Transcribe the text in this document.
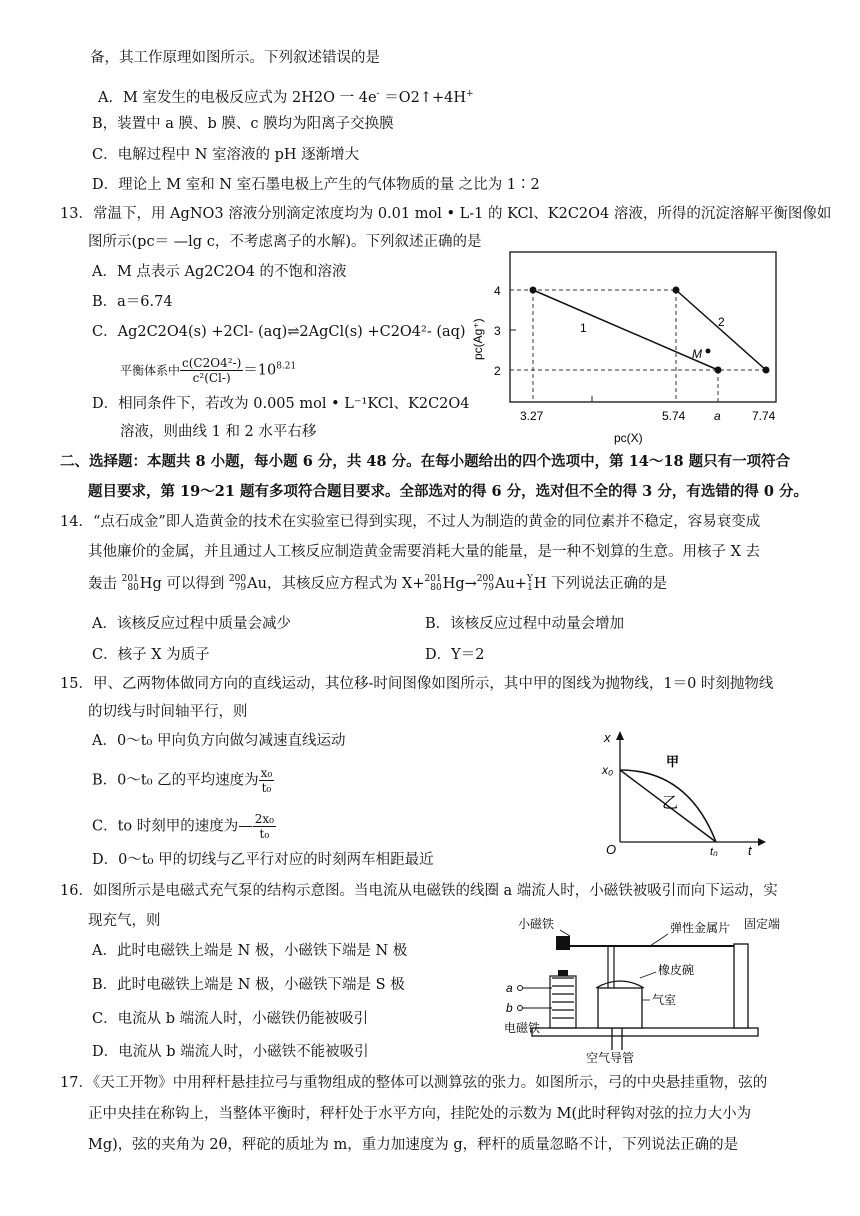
备，其工作原理如图所示。下列叙述错误的是
A．M 室发生的电极反应式为 2H2O 一 4e- ＝O2↑+4H+
B，装置中 a 膜、b 膜、c 膜均为阳离子交换膜
C．电解过程中 N 室溶液的 pH 逐渐增大
D．理论上 M 室和 N 室石墨电极上产生的气体物质的量 之比为 1∶2
13．常温下，用 AgNO3 溶液分别滴定浓度均为 0.01 mol • L-1 的 KCl、K2C2O4 溶液，所得的沉淀溶解平衡图像如
图所示(pc＝ —lg c，不考虑离子的水解)。下列叙述正确的是
A．M 点表示 Ag2C2O4 的不饱和溶液
B．a＝6.74
C．Ag2C2O4(s) +2Cl- (aq)⇌2AgCl(s) +C2O4²- (aq)
平衡体系中 $\frac{\text{c(C2O4²-)}}{\text{c²(Cl-)}} =10^{8.21}$
D．相同条件下，若改为 0.005 mol • L⁻¹KCl、K2C2O4
溶液，则曲线 1 和 2 水平右移
M
1	2
4
3
2
3.27	5.74 a	7.74
pc(X)
pc(Ag⁺)
二、选择题：本题共 8 小题，每小题 6 分，共 48 分。在每小题给出的四个选项中，第 14～18 题只有一项符合
题目要求，第 19～21 题有多项符合题目要求。全部选对的得 6 分，选对但不全的得 3 分，有选错的得 0 分。
14．“点石成金”即人造黄金的技术在实验室已得到实现，不过人为制造的黄金的同位素并不稳定，容易衰变成
其他廉价的金属，并且通过人工核反应制造黄金需要消耗大量的能量，是一种不划算的生意。用核子 X 去
轰击 201
80 Hg 可以得到 200
79 Au，其核反应方程式为 X+ 201
80 Hg→ 200
79 Au+ Y
1 H 下列说法正确的是
A．该核反应过程中质量会减少	B．该核反应过程中动量会增加
C．核子 X 为质子	D．Y＝2
15．甲、乙两物体做同方向的直线运动，其位移-时间图像如图所示，其中甲的图线为抛物线，1＝0 时刻抛物线
的切线与时间轴平行，则
A．0～t₀ 甲向负方向做匀减速直线运动
B．0～t₀ 乙的平均速度为 $\frac{\text{x₀}}{\text{t₀}}$
C．to 时刻甲的速度为— $\frac{\text{2x₀}}{\text{t₀}}$
D．0～t₀ 甲的切线与乙平行对应的时刻两车相距最近
x
x₀
O	t₀ t
甲
乙
16．如图所示是电磁式充气泵的结构示意图。当电流从电磁铁的线圈 a 端流人时，小磁铁被吸引而向下运动，实
现充气，则
A．此时电磁铁上端是 N 极，小磁铁下端是 N 极
B．此时电磁铁上端是 N 极，小磁铁下端是 S 极
C．电流从 b 端流人时，小磁铁仍能被吸引
D．电流从 b 端流人时，小磁铁不能被吸引
a
b
小磁铁	弹性金属片 固定端
橡皮碗
气室
电磁铁
空气导管
17．《天工开物》中用秤杆悬挂拉弓与重物组成的整体可以测算弦的张力。如图所示，弓的中央悬挂重物，弦的
正中央挂在称钩上，当整体平衡时，秤杆处于水平方向，挂陀处的示数为 M(此时秤钩对弦的拉力大小为
Mg)，弦的夹角为 2θ，秤砣的质址为 m，重力加速度为 g，秤杆的质量忽略不计，下列说法正确的是
